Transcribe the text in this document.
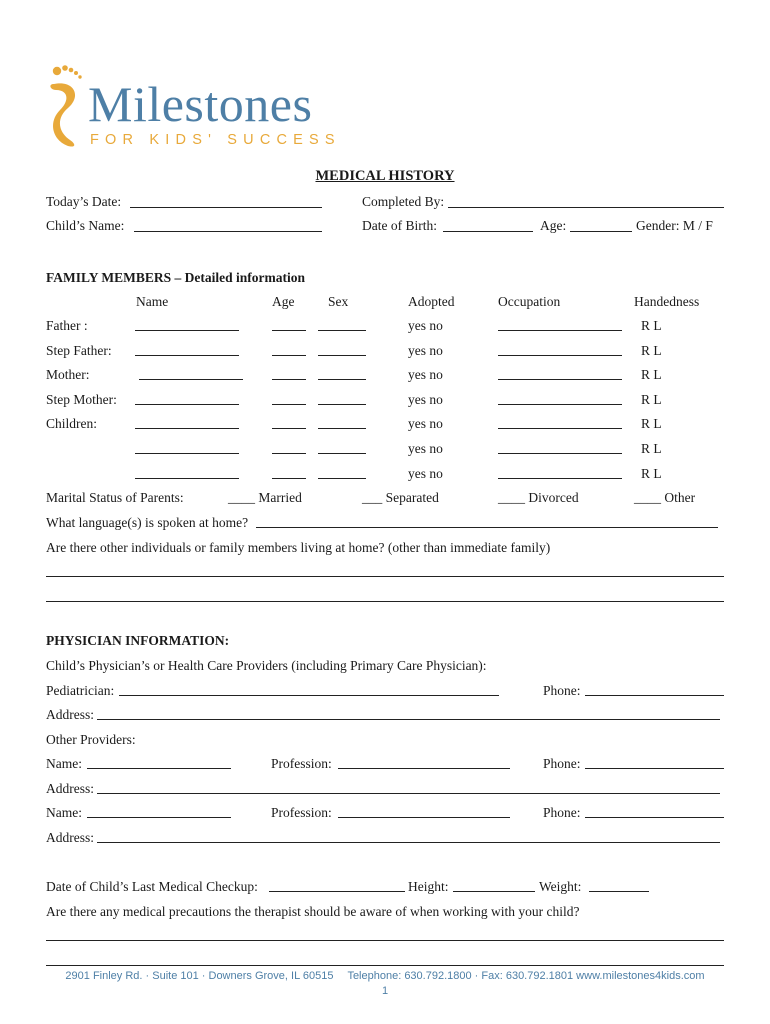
Milestones
FOR KIDS' SUCCESS
MEDICAL HISTORY
Today’s Date:	Completed By:
Child’s Name:	Date of Birth:	Age:	Gender: M / F
FAMILY MEMBERS – Detailed information
Name	Age Sex	Adopted	Occupation	Handedness
Father :	yes no	R L
Step Father:	yes no	R L
Mother:	yes no	R L
Step Mother:	yes no	R L
Children:	yes no	R L
yes no	R L
yes no	R L
Marital Status of Parents:	____ Married	___ Separated	____ Divorced	____ Other
What language(s) is spoken at home?
Are there other individuals or family members living at home? (other than immediate family)
PHYSICIAN INFORMATION:
Child’s Physician’s or Health Care Providers (including Primary Care Physician):
Pediatrician:	Phone:
Address:
Other Providers:
Name:	Profession:	Phone:
Address:
Name:	Profession:	Phone:
Address:
Date of Child’s Last Medical Checkup:	Height:	Weight:
Are there any medical precautions the therapist should be aware of when working with your child?
2901 Finley Rd. · Suite 101 · Downers Grove, IL 60515 Telephone: 630.792.1800 · Fax: 630.792.1801 www.milestones4kids.com
1
